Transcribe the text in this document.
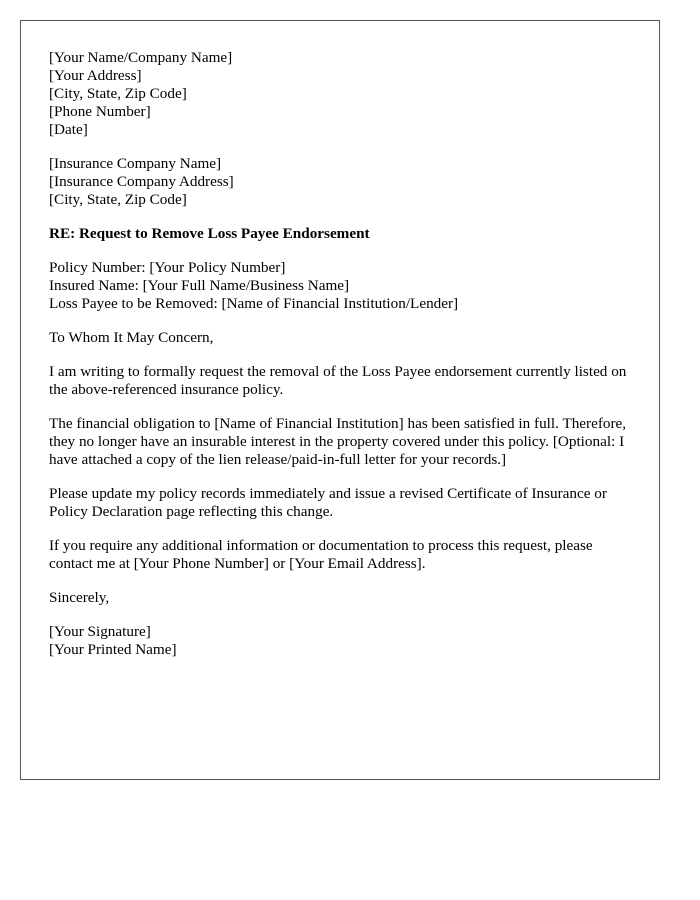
[Your Name/Company Name]
[Your Address]
[City, State, Zip Code]
[Phone Number]
[Date]
[Insurance Company Name]
[Insurance Company Address]
[City, State, Zip Code]
RE: Request to Remove Loss Payee Endorsement
Policy Number: [Your Policy Number]
Insured Name: [Your Full Name/Business Name]
Loss Payee to be Removed: [Name of Financial Institution/Lender]

To Whom It May Concern,

I am writing to formally request the removal of the Loss Payee endorsement currently listed on the above-referenced insurance policy.

The financial obligation to [Name of Financial Institution] has been satisfied in full. Therefore, they no longer have an insurable interest in the property covered under this policy. [Optional: I have attached a copy of the lien release/paid-in-full letter for your records.]

Please update my policy records immediately and issue a revised Certificate of Insurance or Policy Declaration page reflecting this change.

If you require any additional information or documentation to process this request, please contact me at [Your Phone Number] or [Your Email Address].

Sincerely,

[Your Signature]
[Your Printed Name]
